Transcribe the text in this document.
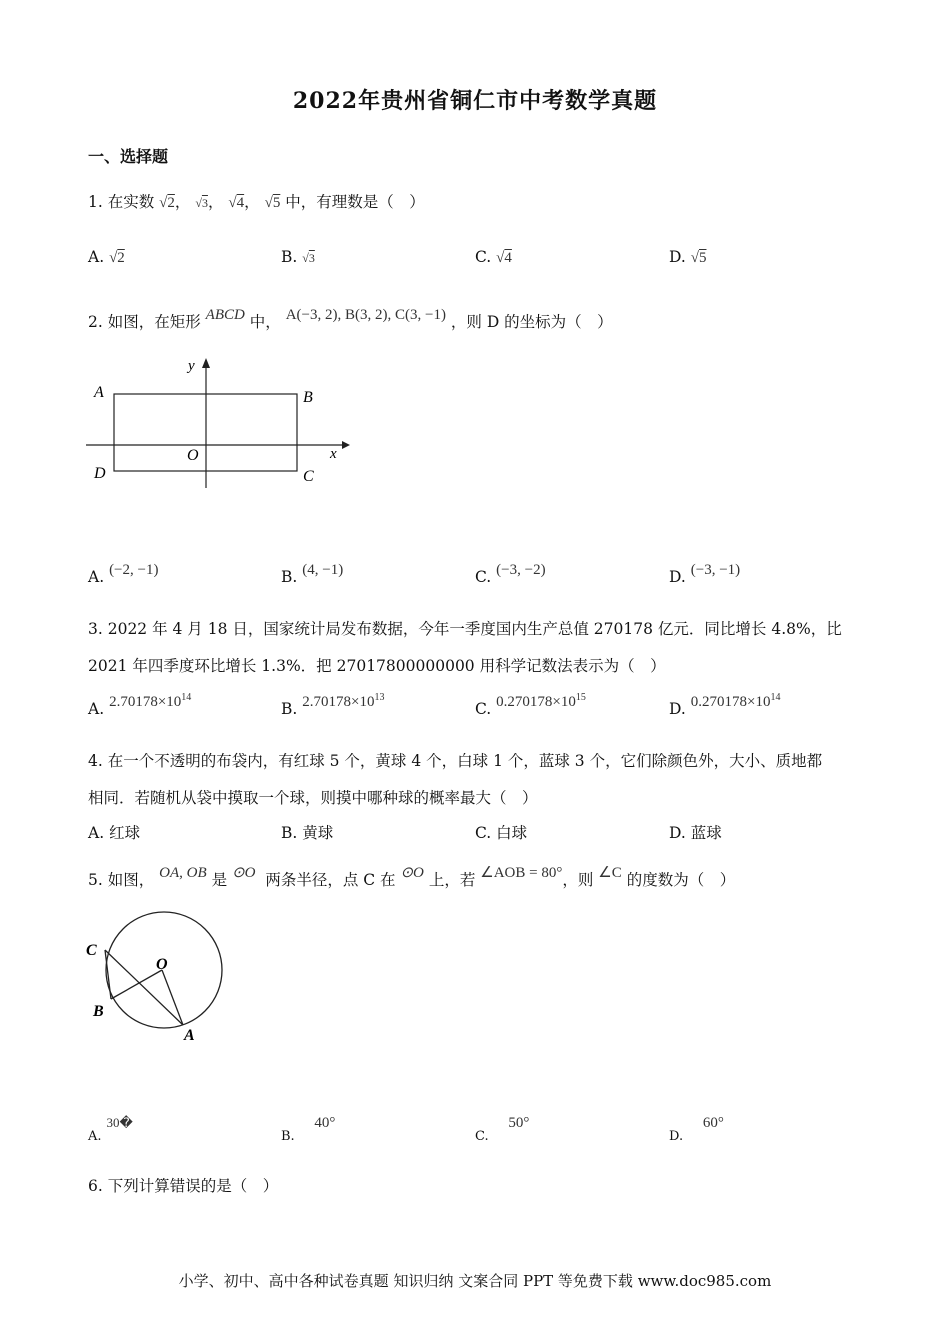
2022年贵州省铜仁市中考数学真题
一、选择题
1. 在实数 √2， √3， √4， √5 中，有理数是（　）
A. √2	B. √3	C. √4	D. √5
2. 如图，在矩形 ABCD 中， A(−3, 2), B(3, 2), C(3, −1) ，则 D 的坐标为（　）
A	B
C
D
O	x
y
A. (−2, −1)	B. (4, −1)	C. (−3, −2)	D. (−3, −1)
3. 2022 年 4 月 18 日，国家统计局发布数据，今年一季度国内生产总值 270178 亿元．同比增长 4.8%，比
2021 年四季度环比增长 1.3%．把 27017800000000 用科学记数法表示为（　）
A. $2.70178\times 10^{14}$
B. $2.70178\times 10^{13}$
C. $0.270178\times 10^{15}$
D. $0.270178\times 10^{14}$
4. 在一个不透明的布袋内，有红球 5 个，黄球 4 个，白球 1 个，蓝球 3 个，它们除颜色外，大小、质地都
相同．若随机从袋中摸取一个球，则摸中哪种球的概率最大（　）
A. 红球	B. 黄球	C. 白球	D. 蓝球
5. 如图， OA, OB 是 ⊙O 两条半径，点 C 在 ⊙O 上，若 ∠AOB = 80°，则 ∠C 的度数为（　）
C
O
B
A
$_{A.}$ 30�
$_{B.}$    40°
$_{C.}$    50°
$_{D.}$    60°
6. 下列计算错误的是（　）
小学、初中、高中各种试卷真题 知识归纳 文案合同 PPT 等免费下载 www.doc985.com
